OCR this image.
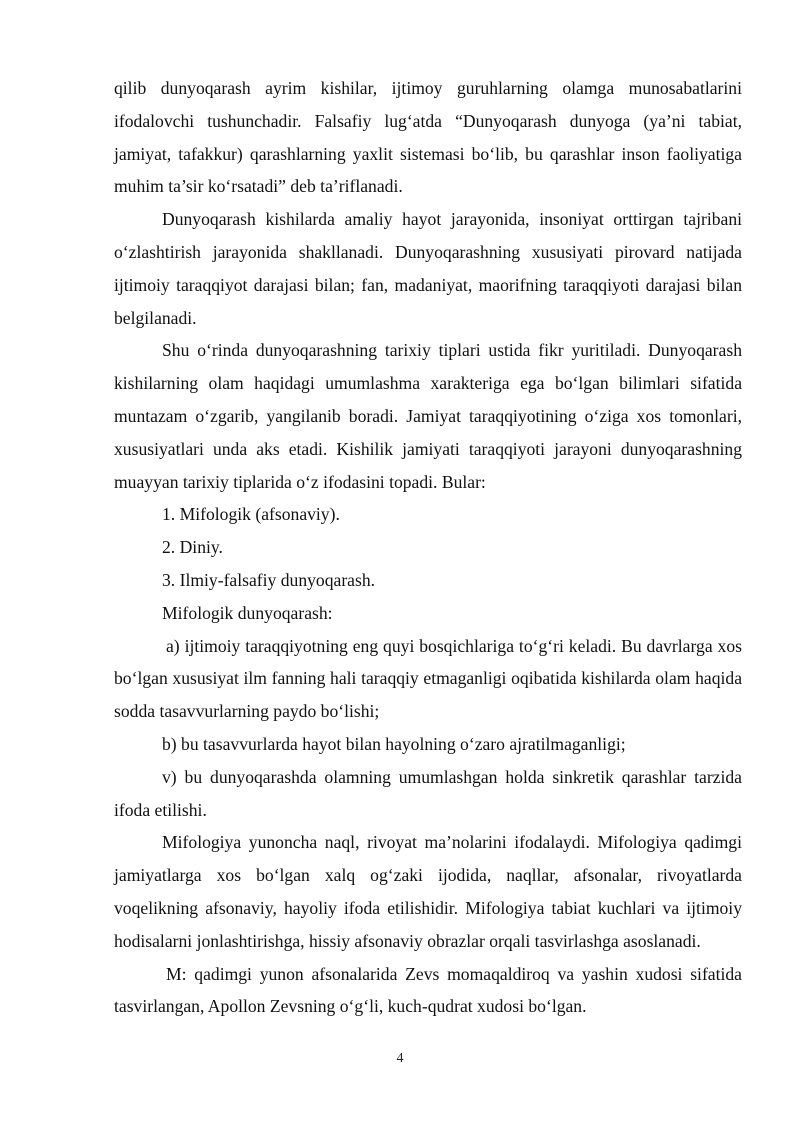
qilib dunyoqarash ayrim kishilar, ijtimoy guruhlarning olamga munosabatlarini ifodalovchi tushunchadir. Falsafiy lug‘atda “Dunyoqarash dunyoga (ya’ni tabiat, jamiyat, tafakkur) qarashlarning yaxlit sistemasi bo‘lib, bu qarashlar inson faoliyatiga muhim ta’sir ko‘rsatadi” deb ta’riflanadi.

Dunyoqarash kishilarda amaliy hayot jarayonida, insoniyat orttirgan tajribani o‘zlashtirish jarayonida shakllanadi. Dunyoqarashning xususiyati pirovard natijada ijtimoiy taraqqiyot darajasi bilan; fan, madaniyat, maorifning taraqqiyoti darajasi bilan belgilanadi.

Shu o‘rinda dunyoqarashning tarixiy tiplari ustida fikr yuritiladi. Dunyoqarash kishilarning olam haqidagi umumlashma xarakteriga ega bo‘lgan bilimlari sifatida muntazam o‘zgarib, yangilanib boradi. Jamiyat taraqqiyotining o‘ziga xos tomonlari, xususiyatlari unda aks etadi. Kishilik jamiyati taraqqiyoti jarayoni dunyoqarashning muayyan tarixiy tiplarida o‘z ifodasini topadi. Bular:

1. Mifologik (afsonaviy).

2. Diniy.

3. Ilmiy-falsafiy dunyoqarash.

Mifologik dunyoqarash:

a) ijtimoiy taraqqiyotning eng quyi bosqichlariga to‘g‘ri keladi. Bu davrlarga xos bo‘lgan xususiyat ilm fanning hali taraqqiy etmaganligi oqibatida kishilarda olam haqida sodda tasavvurlarning paydo bo‘lishi;

b) bu tasavvurlarda hayot bilan hayolning o‘zaro ajratilmaganligi;

v) bu dunyoqarashda olamning umumlashgan holda sinkretik qarashlar tarzida ifoda etilishi.

Mifologiya yunoncha naql, rivoyat ma’nolarini ifodalaydi. Mifologiya qadimgi jamiyatlarga xos bo‘lgan xalq og‘zaki ijodida, naqllar, afsonalar, rivoyatlarda voqelikning afsonaviy, hayoliy ifoda etilishidir. Mifologiya tabiat kuchlari va ijtimoiy hodisalarni jonlashtirishga, hissiy afsonaviy obrazlar orqali tasvirlashga asoslanadi.

M: qadimgi yunon afsonalarida Zevs momaqaldiroq va yashin xudosi sifatida tasvirlangan, Apollon Zevsning o‘g‘li, kuch-qudrat xudosi bo‘lgan.

4
